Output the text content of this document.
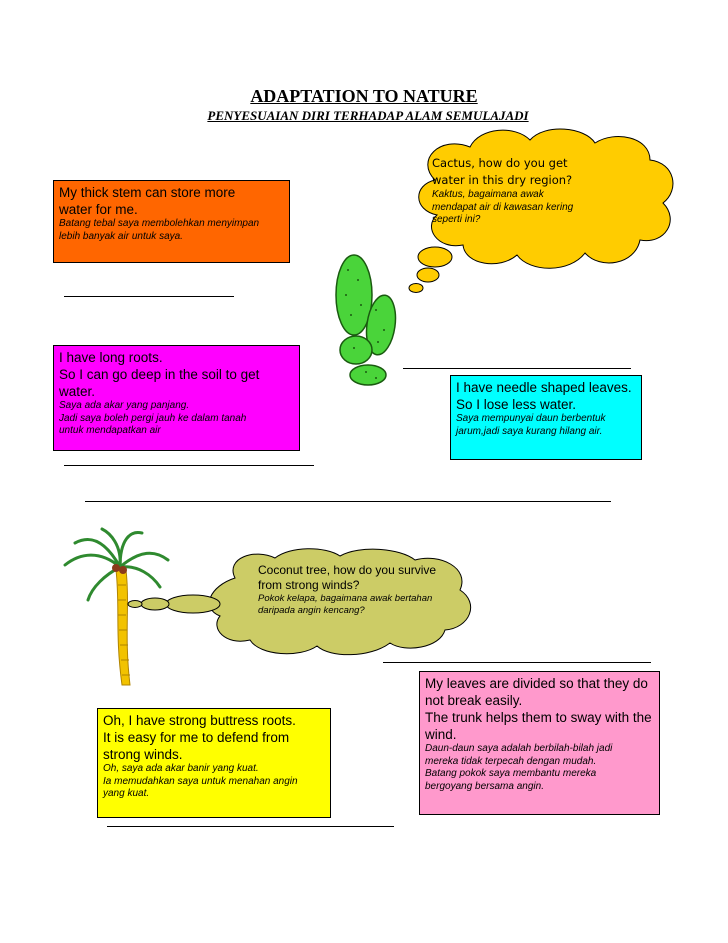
ADAPTATION TO NATURE
PENYESUAIAN DIRI TERHADAP ALAM SEMULAJADI
Cactus, how do you get
water in this dry region?
Kaktus, bagaimana awak
mendapat air di kawasan kering
seperti ini?
My thick stem can store more
water for me.
Batang tebal saya membolehkan menyimpan
lebih banyak air untuk saya.
I have long roots.
So I can go deep in the soil to get
water.
Saya ada akar yang panjang.
Jadi saya boleh pergi jauh ke dalam tanah
untuk mendapatkan air
I have needle shaped leaves.
So I lose less water.
Saya mempunyai daun berbentuk
jarum,jadi saya kurang hilang air.
Coconut tree, how do you survive
from strong winds?
Pokok kelapa, bagaimana awak bertahan
daripada angin kencang?
My leaves are divided so that they do
not break easily.
The trunk helps them to sway with the
wind.
Daun-daun saya adalah berbilah-bilah jadi
mereka tidak terpecah dengan mudah.
Batang pokok saya membantu mereka
bergoyang bersama angin.
Oh, I have strong buttress roots.
It is easy for me to defend from
strong winds.
Oh, saya ada akar banir yang kuat.
Ia memudahkan saya untuk menahan angin
yang kuat.
